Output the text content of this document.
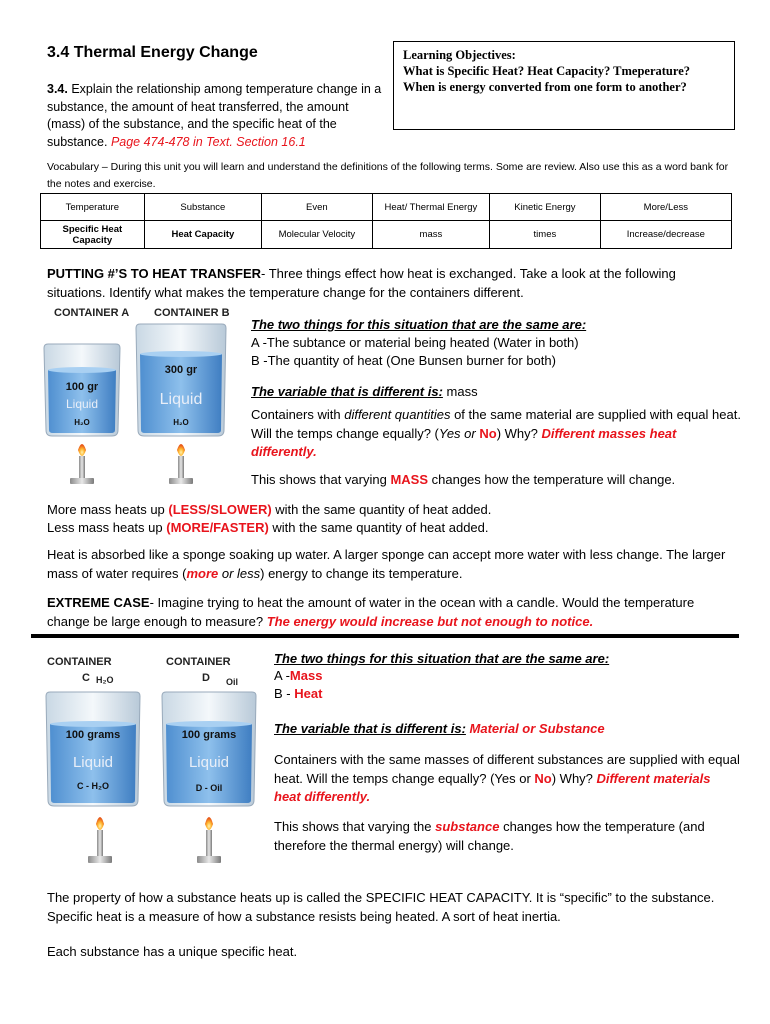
3.4 Thermal Energy Change
3.4. Explain the relationship among temperature change in a substance, the amount of heat transferred, the amount (mass) of the substance, and the specific heat of the substance. Page 474-478 in Text. Section 16.1
Learning Objectives:
What is Specific Heat? Heat Capacity? Tmeperature?
When is energy converted from one form to another?
Vocabulary – During this unit you will learn and understand the definitions of the following terms. Some are review. Also use this as a word bank for the notes and exercise.
Temperature	Substance	Even	Heat/ Thermal Energy	Kinetic Energy	More/Less
Specific Heat Capacity	Heat Capacity	Molecular Velocity	mass	times	Increase/decrease
PUTTING #’S TO HEAT TRANSFER- Three things effect how heat is exchanged. Take a look at the following situations. Identify what makes the temperature change for the containers different.
CONTAINER A CONTAINER B
100 gr
Liquid
H₂O
300 gr
Liquid
H₂O
The two things for this situation that are the same are:
A -The subtance or material being heated (Water in both)
B -The quantity of heat (One Bunsen burner for both)
The variable that is different is: mass
Containers with different quantities of the same material are supplied with equal heat. Will the temps change equally? (Yes or No) Why? Different masses heat differently.
This shows that varying MASS changes how the temperature will change.
More mass heats up (LESS/SLOWER) with the same quantity of heat added.
Less mass heats up (MORE/FASTER) with the same quantity of heat added.
Heat is absorbed like a sponge soaking up water. A larger sponge can accept more water with less change. The larger mass of water requires (more or less) energy to change its temperature.
EXTREME CASE- Imagine trying to heat the amount of water in the ocean with a candle. Would the temperature change be large enough to measure? The energy would increase but not enough to notice.
CONTAINER
C H₂O
CONTAINER
D Oil
100 grams
Liquid
C - H₂O
100 grams
Liquid
D - Oil
The two things for this situation that are the same are:
A -Mass
B - Heat
The variable that is different is: Material or Substance
Containers with the same masses of different substances are supplied with equal heat. Will the temps change equally? (Yes or No) Why? Different materials heat differently.
This shows that varying the substance changes how the temperature (and therefore the thermal energy) will change.
The property of how a substance heats up is called the SPECIFIC HEAT CAPACITY. It is “specific” to the substance. Specific heat is a measure of how a substance resists being heated. A sort of heat inertia.
Each substance has a unique specific heat.
